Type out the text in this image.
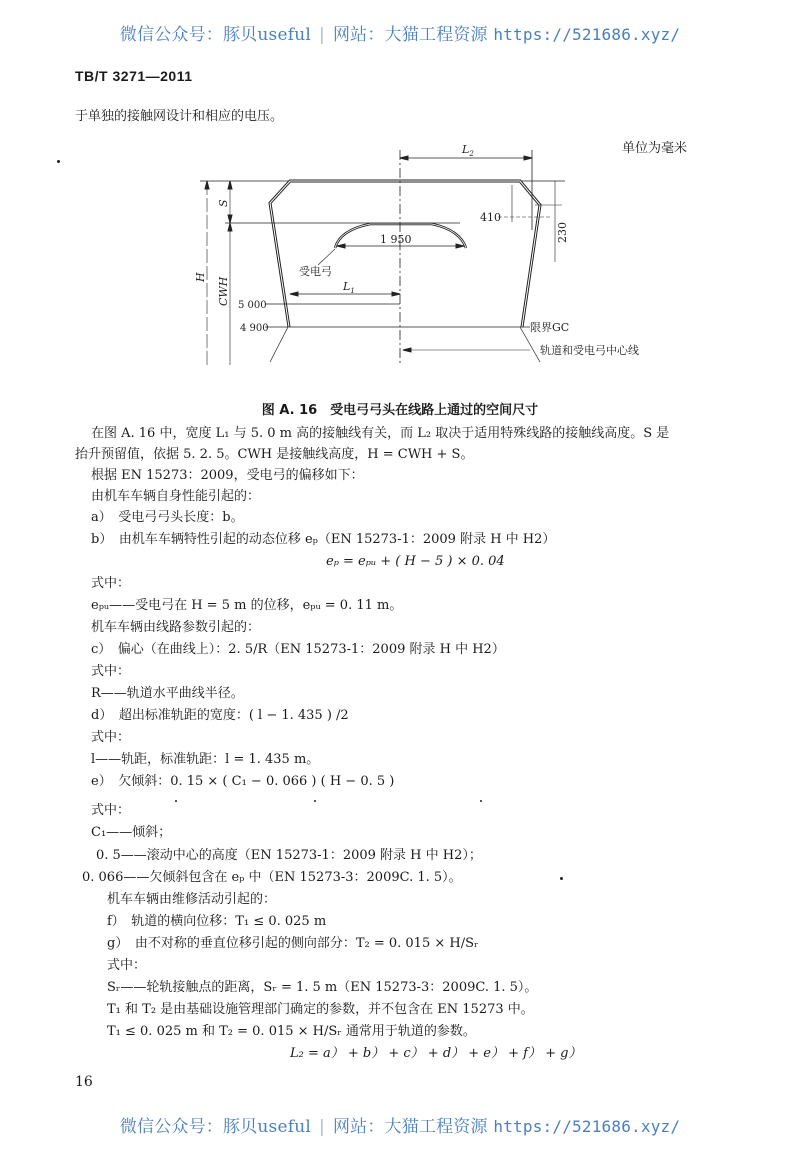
微信公众号：豚贝useful | 网站：大猫工程资源 https://521686.xyz/
TB/T 3271—2011
于单独的接触网设计和相应的电压。
单位为毫米
$L_2$
410
230
1 950
受电弓
$L_1$
5 000
4 900	限界GC
轨道和受电弓中心线
S
H CWH
图 A. 16　受电弓弓头在线路上通过的空间尺寸
在图 A. 16 中，宽度 L₁ 与 5. 0 m 高的接触线有关，而 L₂ 取决于适用特殊线路的接触线高度。S 是
抬升预留值，依据 5. 2. 5。CWH 是接触线高度，H = CWH + S。
根据 EN 15273：2009，受电弓的偏移如下：
由机车车辆自身性能引起的：
a）　受电弓弓头长度：b。
b）　由机车车辆特性引起的动态位移 eₚ（EN 15273-1：2009 附录 H 中 H2）
eₚ = eₚᵤ + ( H − 5 ) × 0. 04
式中：
eₚᵤ——受电弓在 H = 5 m 的位移，eₚᵤ = 0. 11 m。
机车车辆由线路参数引起的：
c）　偏心（在曲线上）：2. 5/R（EN 15273-1：2009 附录 H 中 H2）
式中：
R——轨道水平曲线半径。
d）　超出标准轨距的宽度：( l − 1. 435 ) /2
式中：
l——轨距，标准轨距：l = 1. 435 m。
e）　欠倾斜：0. 15 × ( C₁ − 0. 066 ) ( H − 0. 5 )
式中：
C₁——倾斜；
0. 5——滚动中心的高度（EN 15273-1：2009 附录 H 中 H2）；
0. 066——欠倾斜包含在 eₚ 中（EN 15273-3：2009C. 1. 5）。
机车车辆由维修活动引起的：
f）　轨道的横向位移：T₁ ≤ 0. 025 m
g）　由不对称的垂直位移引起的侧向部分：T₂ = 0. 015 × H/Sᵣ
式中：
Sᵣ——轮轨接触点的距离，Sᵣ = 1. 5 m（EN 15273-3：2009C. 1. 5）。
T₁ 和 T₂ 是由基础设施管理部门确定的参数，并不包含在 EN 15273 中。
T₁ ≤ 0. 025 m 和 T₂ = 0. 015 × H/Sᵣ 通常用于轨道的参数。
L₂ = a） + b） + c） + d） + e） + f） + g）
16
微信公众号：豚贝useful | 网站：大猫工程资源 https://521686.xyz/
